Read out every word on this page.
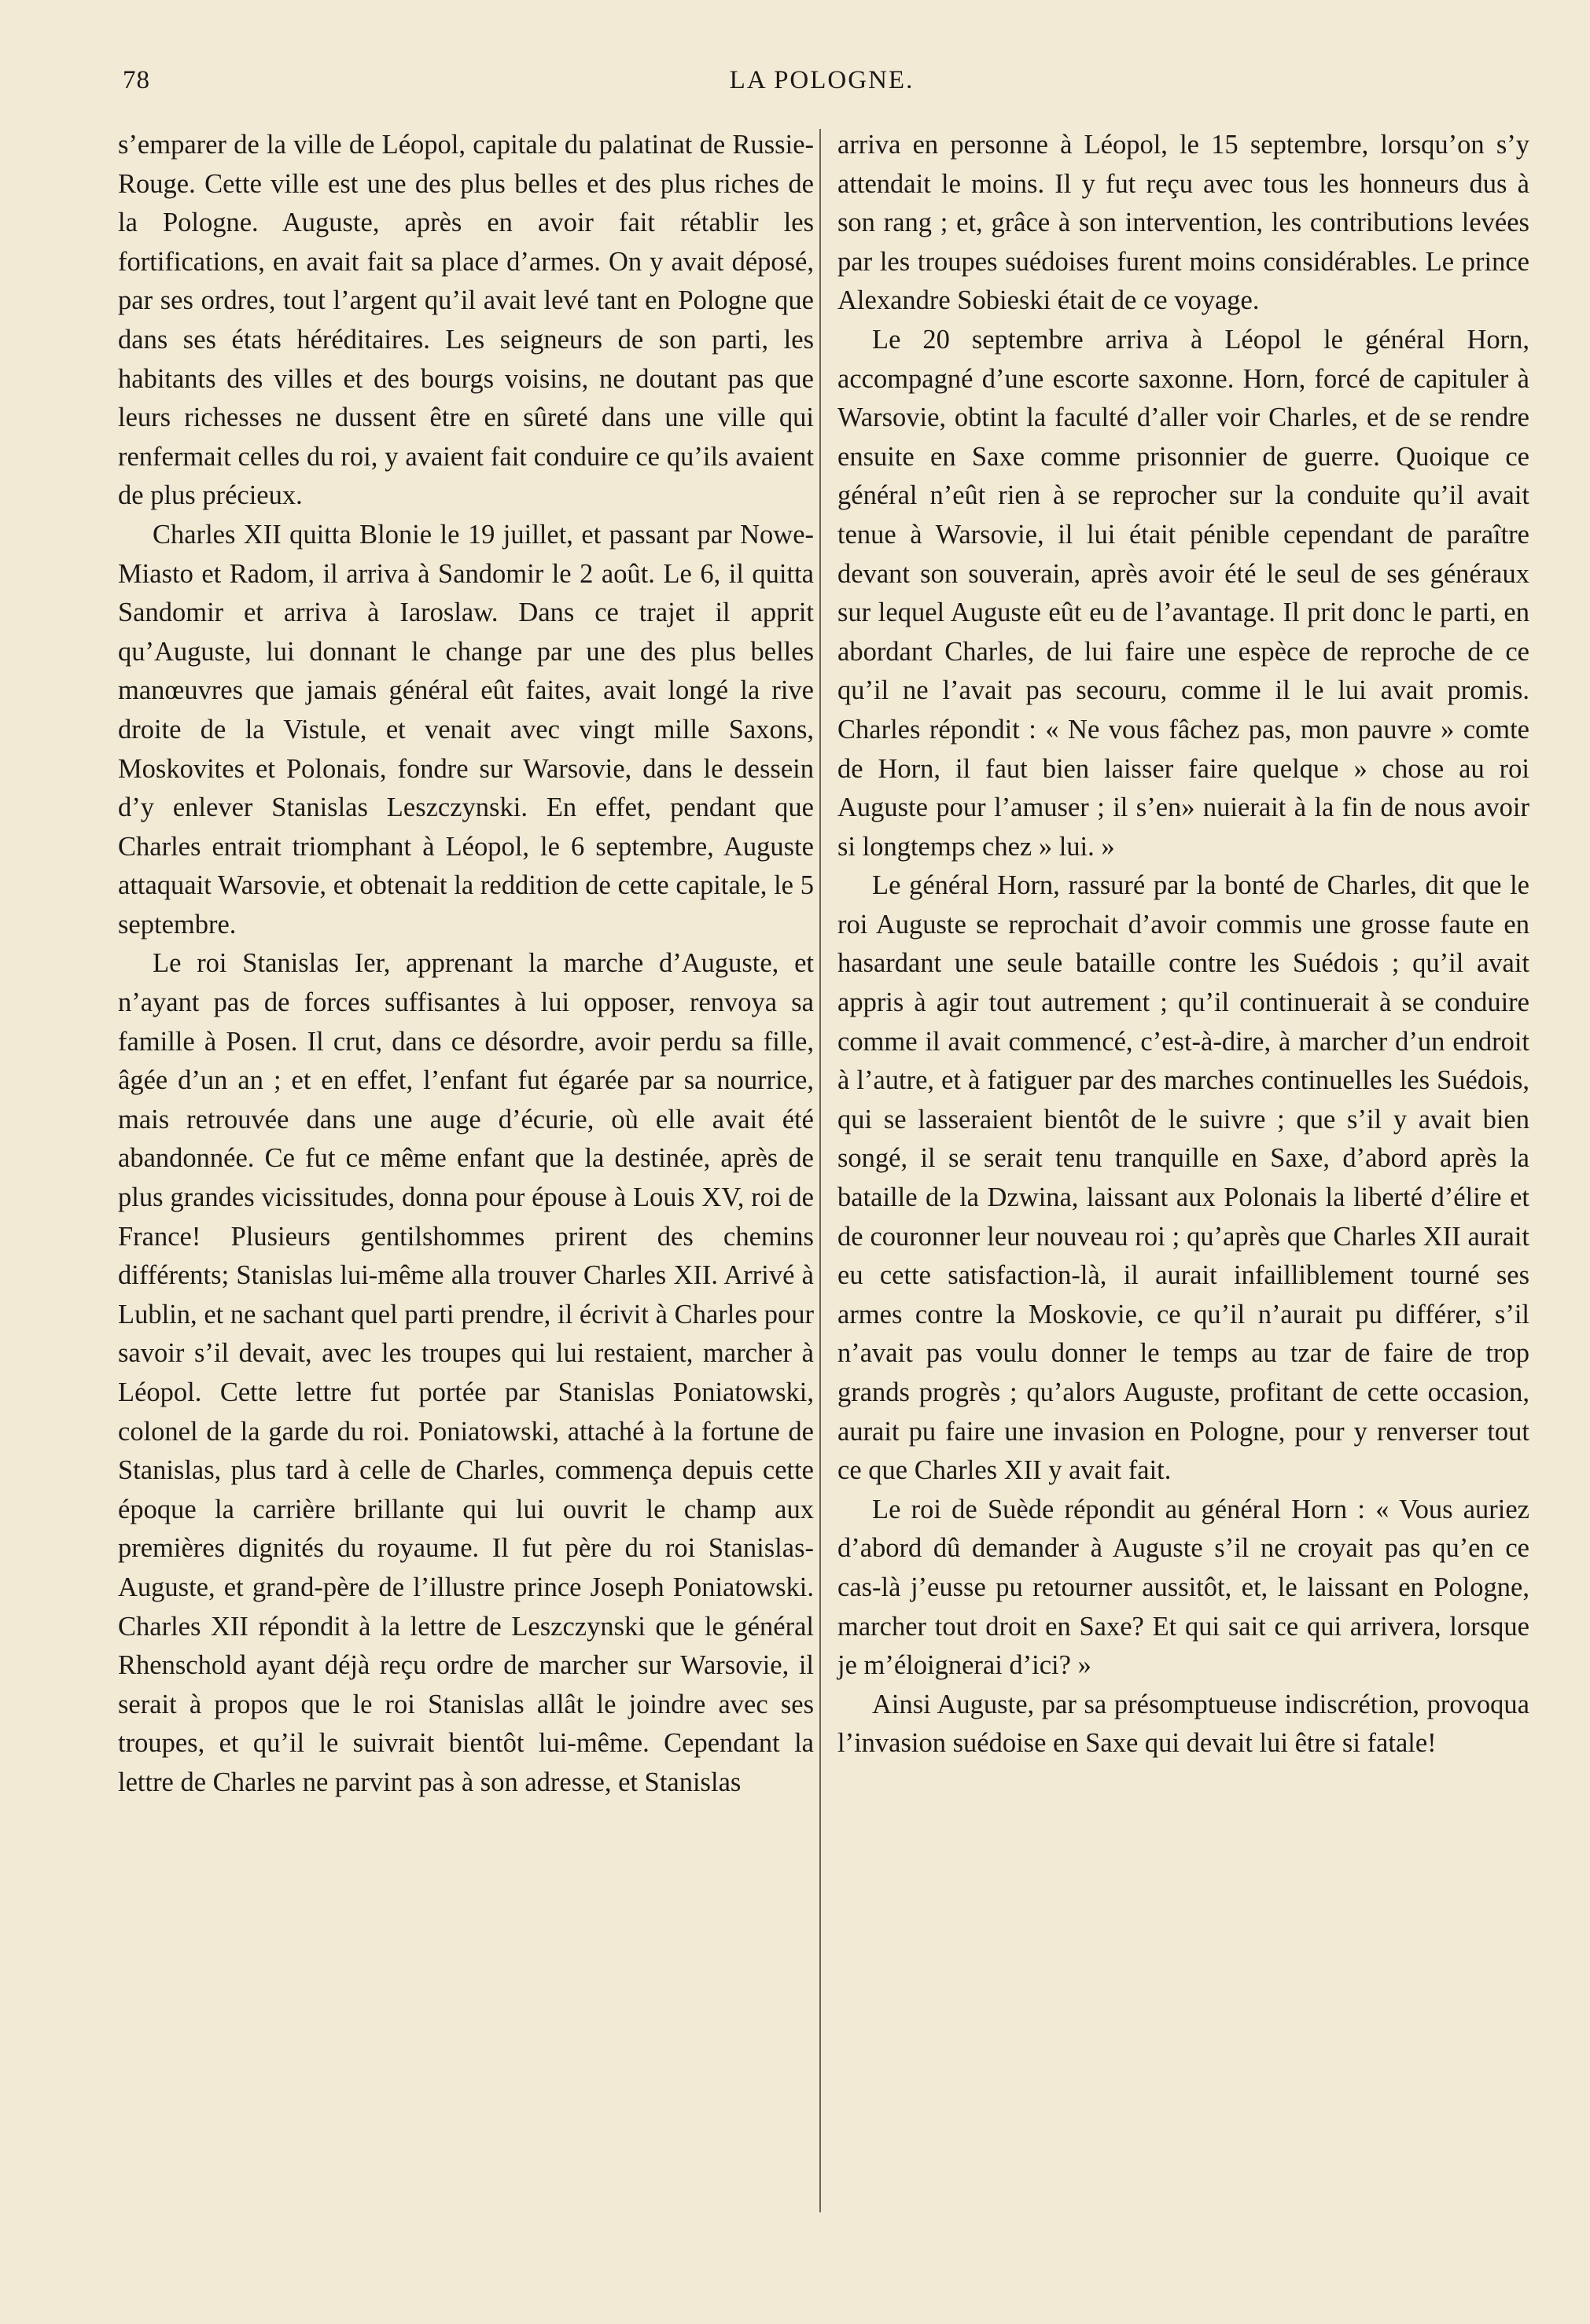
78	LA POLOGNE.

s’emparer de la ville de Léopol, capitale du palatinat de Russie-Rouge. Cette ville est une des plus belles et des plus riches de la Pologne. Auguste, après en avoir fait rétablir les fortifications, en avait fait sa place d’armes. On y avait déposé, par ses ordres, tout l’argent qu’il avait levé tant en Pologne que dans ses états héréditaires. Les seigneurs de son parti, les habitants des villes et des bourgs voisins, ne doutant pas que leurs richesses ne dussent être en sûreté dans une ville qui renfermait celles du roi, y avaient fait conduire ce qu’ils avaient de plus précieux.

Charles XII quitta Blonie le 19 juillet, et passant par Nowe-Miasto et Radom, il arriva à Sandomir le 2 août. Le 6, il quitta Sandomir et arriva à Iaroslaw. Dans ce trajet il apprit qu’Auguste, lui donnant le change par une des plus belles manœuvres que jamais général eût faites, avait longé la rive droite de la Vistule, et venait avec vingt mille Saxons, Moskovites et Polonais, fondre sur Warsovie, dans le dessein d’y enlever Stanislas Leszczynski. En effet, pendant que Charles entrait triomphant à Léopol, le 6 septembre, Auguste attaquait Warsovie, et obtenait la reddition de cette capitale, le 5 septembre.

Le roi Stanislas Ier, apprenant la marche d’Auguste, et n’ayant pas de forces suffisantes à lui opposer, renvoya sa famille à Posen. Il crut, dans ce désordre, avoir perdu sa fille, âgée d’un an ; et en effet, l’enfant fut égarée par sa nourrice, mais retrouvée dans une auge d’écurie, où elle avait été abandonnée. Ce fut ce même enfant que la destinée, après de plus grandes vicissitudes, donna pour épouse à Louis XV, roi de France! Plusieurs gentilshommes prirent des chemins différents; Stanislas lui-même alla trouver Charles XII. Arrivé à Lublin, et ne sachant quel parti prendre, il écrivit à Charles pour savoir s’il devait, avec les troupes qui lui restaient, marcher à Léopol. Cette lettre fut portée par Stanislas Poniatowski, colonel de la garde du roi. Poniatowski, attaché à la fortune de Stanislas, plus tard à celle de Charles, commença depuis cette époque la carrière brillante qui lui ouvrit le champ aux premières dignités du royaume. Il fut père du roi Stanislas-Auguste, et grand-père de l’illustre prince Joseph Poniatowski. Charles XII répondit à la lettre de Leszczynski que le général Rhenschold ayant déjà reçu ordre de marcher sur Warsovie, il serait à propos que le roi Stanislas allât le joindre avec ses troupes, et qu’il le suivrait bientôt lui-même. Cependant la lettre de Charles ne parvint pas à son adresse, et Stanislas

arriva en personne à Léopol, le 15 septembre, lorsqu’on s’y attendait le moins. Il y fut reçu avec tous les honneurs dus à son rang ; et, grâce à son intervention, les contributions levées par les troupes suédoises furent moins considérables. Le prince Alexandre Sobieski était de ce voyage.

Le 20 septembre arriva à Léopol le général Horn, accompagné d’une escorte saxonne. Horn, forcé de capituler à Warsovie, obtint la faculté d’aller voir Charles, et de se rendre ensuite en Saxe comme prisonnier de guerre. Quoique ce général n’eût rien à se reprocher sur la conduite qu’il avait tenue à Warsovie, il lui était pénible cependant de paraître devant son souverain, après avoir été le seul de ses généraux sur lequel Auguste eût eu de l’avantage. Il prit donc le parti, en abordant Charles, de lui faire une espèce de reproche de ce qu’il ne l’avait pas secouru, comme il le lui avait promis. Charles répondit : « Ne vous fâchez pas, mon pauvre » comte de Horn, il faut bien laisser faire quelque » chose au roi Auguste pour l’amuser ; il s’en» nuierait à la fin de nous avoir si longtemps chez » lui. »

Le général Horn, rassuré par la bonté de Charles, dit que le roi Auguste se reprochait d’avoir commis une grosse faute en hasardant une seule bataille contre les Suédois ; qu’il avait appris à agir tout autrement ; qu’il continuerait à se conduire comme il avait commencé, c’est-à-dire, à marcher d’un endroit à l’autre, et à fatiguer par des marches continuelles les Suédois, qui se lasseraient bientôt de le suivre ; que s’il y avait bien songé, il se serait tenu tranquille en Saxe, d’abord après la bataille de la Dzwina, laissant aux Polonais la liberté d’élire et de couronner leur nouveau roi ; qu’après que Charles XII aurait eu cette satisfaction-là, il aurait infailliblement tourné ses armes contre la Moskovie, ce qu’il n’aurait pu différer, s’il n’avait pas voulu donner le temps au tzar de faire de trop grands progrès ; qu’alors Auguste, profitant de cette occasion, aurait pu faire une invasion en Pologne, pour y renverser tout ce que Charles XII y avait fait.

Le roi de Suède répondit au général Horn : « Vous auriez d’abord dû demander à Auguste s’il ne croyait pas qu’en ce cas-là j’eusse pu retourner aussitôt, et, le laissant en Pologne, marcher tout droit en Saxe? Et qui sait ce qui arrivera, lorsque je m’éloignerai d’ici? »

Ainsi Auguste, par sa présomptueuse indiscrétion, provoqua l’invasion suédoise en Saxe qui devait lui être si fatale!
